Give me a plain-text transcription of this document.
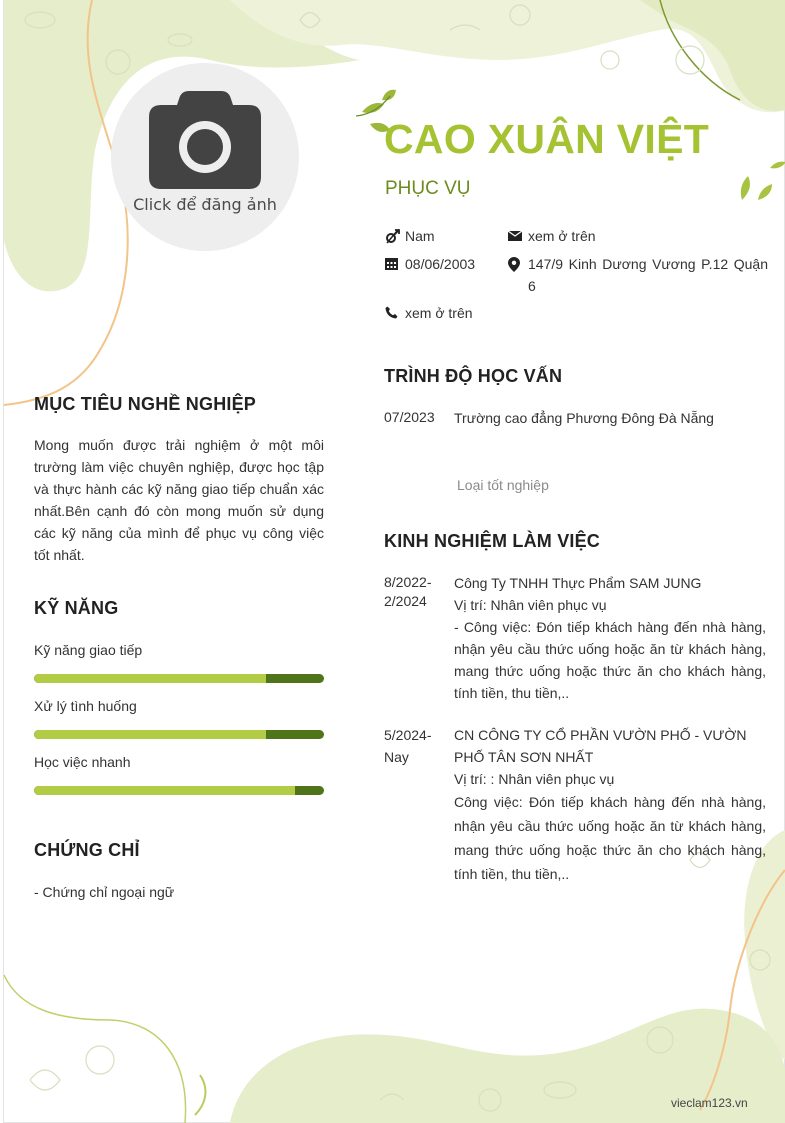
Click để đăng ảnh
CAO XUÂN VIỆT
PHỤC VỤ
Nam	xem ở trên
08/06/2003	147/9 Kinh Dương Vương P.12 Quận 6
xem ở trên
MỤC TIÊU NGHỀ NGHIỆP
Mong muốn được trải nghiệm ở một môi trường làm việc chuyên nghiệp, được học tập và thực hành các kỹ năng giao tiếp chuẩn xác nhất.Bên cạnh đó còn mong muốn sử dụng các kỹ năng của mình để phục vụ công việc tốt nhất.
KỸ NĂNG
Kỹ năng giao tiếp
Xử lý tình huống
Học việc nhanh
CHỨNG CHỈ
- Chứng chỉ ngoại ngữ
TRÌNH ĐỘ HỌC VẤN
07/2023 Trường cao đẳng Phương Đông Đà Nẵng
Loại tốt nghiệp
KINH NGHIỆM LÀM VIỆC
8/2022-
2/2024
Công Ty TNHH Thực Phẩm SAM JUNG
Vị trí: Nhân viên phục vụ
- Công việc: Đón tiếp khách hàng đến nhà hàng, nhận yêu cầu thức uống hoặc ăn từ khách hàng, mang thức uống hoặc thức ăn cho khách hàng, tính tiền, thu tiền,..
5/2024-
Nay
CN CÔNG TY CỔ PHẦN VƯỜN PHỐ - VƯỜN PHỐ TÂN SƠN NHẤT
Vị trí: : Nhân viên phục vụ
Công việc: Đón tiếp khách hàng đến nhà hàng, nhận yêu cầu thức uống hoặc ăn từ khách hàng, mang thức uống hoặc thức ăn cho khách hàng, tính tiền, thu tiền,..
vieclam123.vn
